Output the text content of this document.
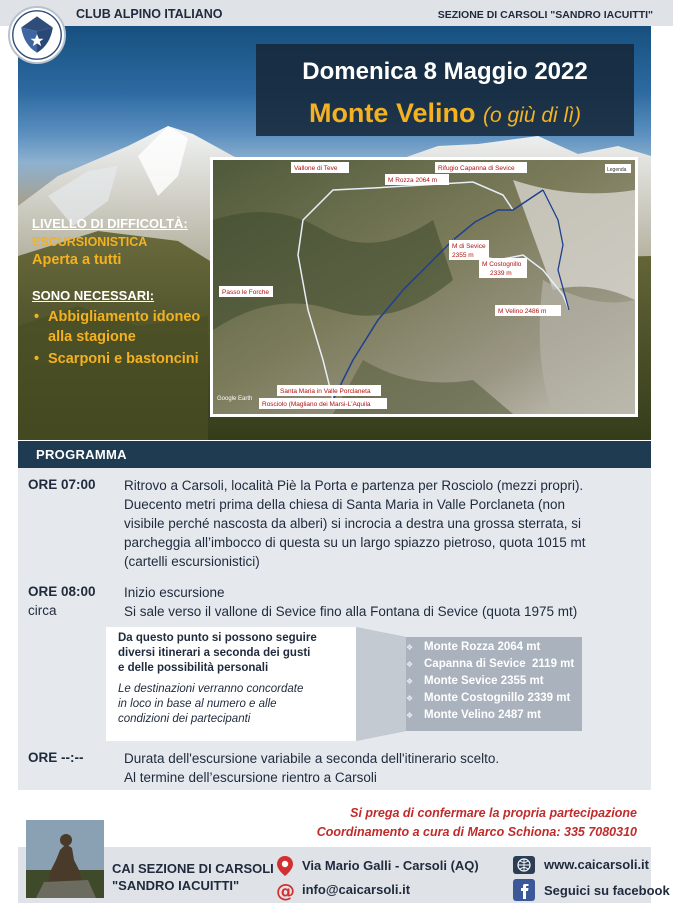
CLUB ALPINO ITALIANO	SEZIONE DI CARSOLI "SANDRO IACUITTI"
Domenica 8 Maggio 2022
Monte Velino (o giù di lì)
LIVELLO DI DIFFICOLTÀ:
ESCURSIONISTICA
Aperta a tutti
SONO NECESSARI:
• Abbigliamento idoneo alla stagione
• Scarponi e bastoncini
Vallone di Teve	Rifugio Capanna di Sevice
M Rozza 2064 m
M di Sevice
2355 m
M Costognillo
2339 m
Passo le Forche
M Velino 2486 m
Santa Maria in Valle Porclaneta
Rosciolo (Magliano dei Marsi-L'Aquila
Legenda
Google Earth
PROGRAMMA
ORE 07:00 Ritrovo a Carsoli, località Piè la Porta e partenza per Rosciolo (mezzi propri).
Duecento metri prima della chiesa di Santa Maria in Valle Porclaneta (non
visibile perché nascosta da alberi) si incrocia a destra una grossa sterrata, si
parcheggia all’imbocco di questa su un largo spiazzo pietroso, quota 1015 mt
(cartelli escursionistici)
ORE 08:00
circa
Inizio escursione
Si sale verso il vallone di Sevice fino alla Fontana di Sevice (quota 1975 mt)
Da questo punto si possono seguire
diversi itinerari a seconda dei gusti
e delle possibilità personali
Le destinazioni verranno concordate
in loco in base al numero e alle
condizioni dei partecipanti
❖ Monte Rozza 2064 mt
❖ Capanna di Sevice  2119 mt
❖ Monte Sevice 2355 mt
❖ Monte Costognillo 2339 mt
❖ Monte Velino 2487 mt
ORE --:--	Durata dell'escursione variabile a seconda dell'itinerario scelto.
Al termine dell’escursione rientro a Carsoli
Si prega di confermare la propria partecipazione
Coordinamento a cura di Marco Schiona: 335 7080310
CAI SEZIONE DI CARSOLI
"SANDRO IACUITTI"
Via Mario Galli - Carsoli (AQ)
@ info@caicarsoli.it
www.caicarsoli.it
Seguici su facebook
